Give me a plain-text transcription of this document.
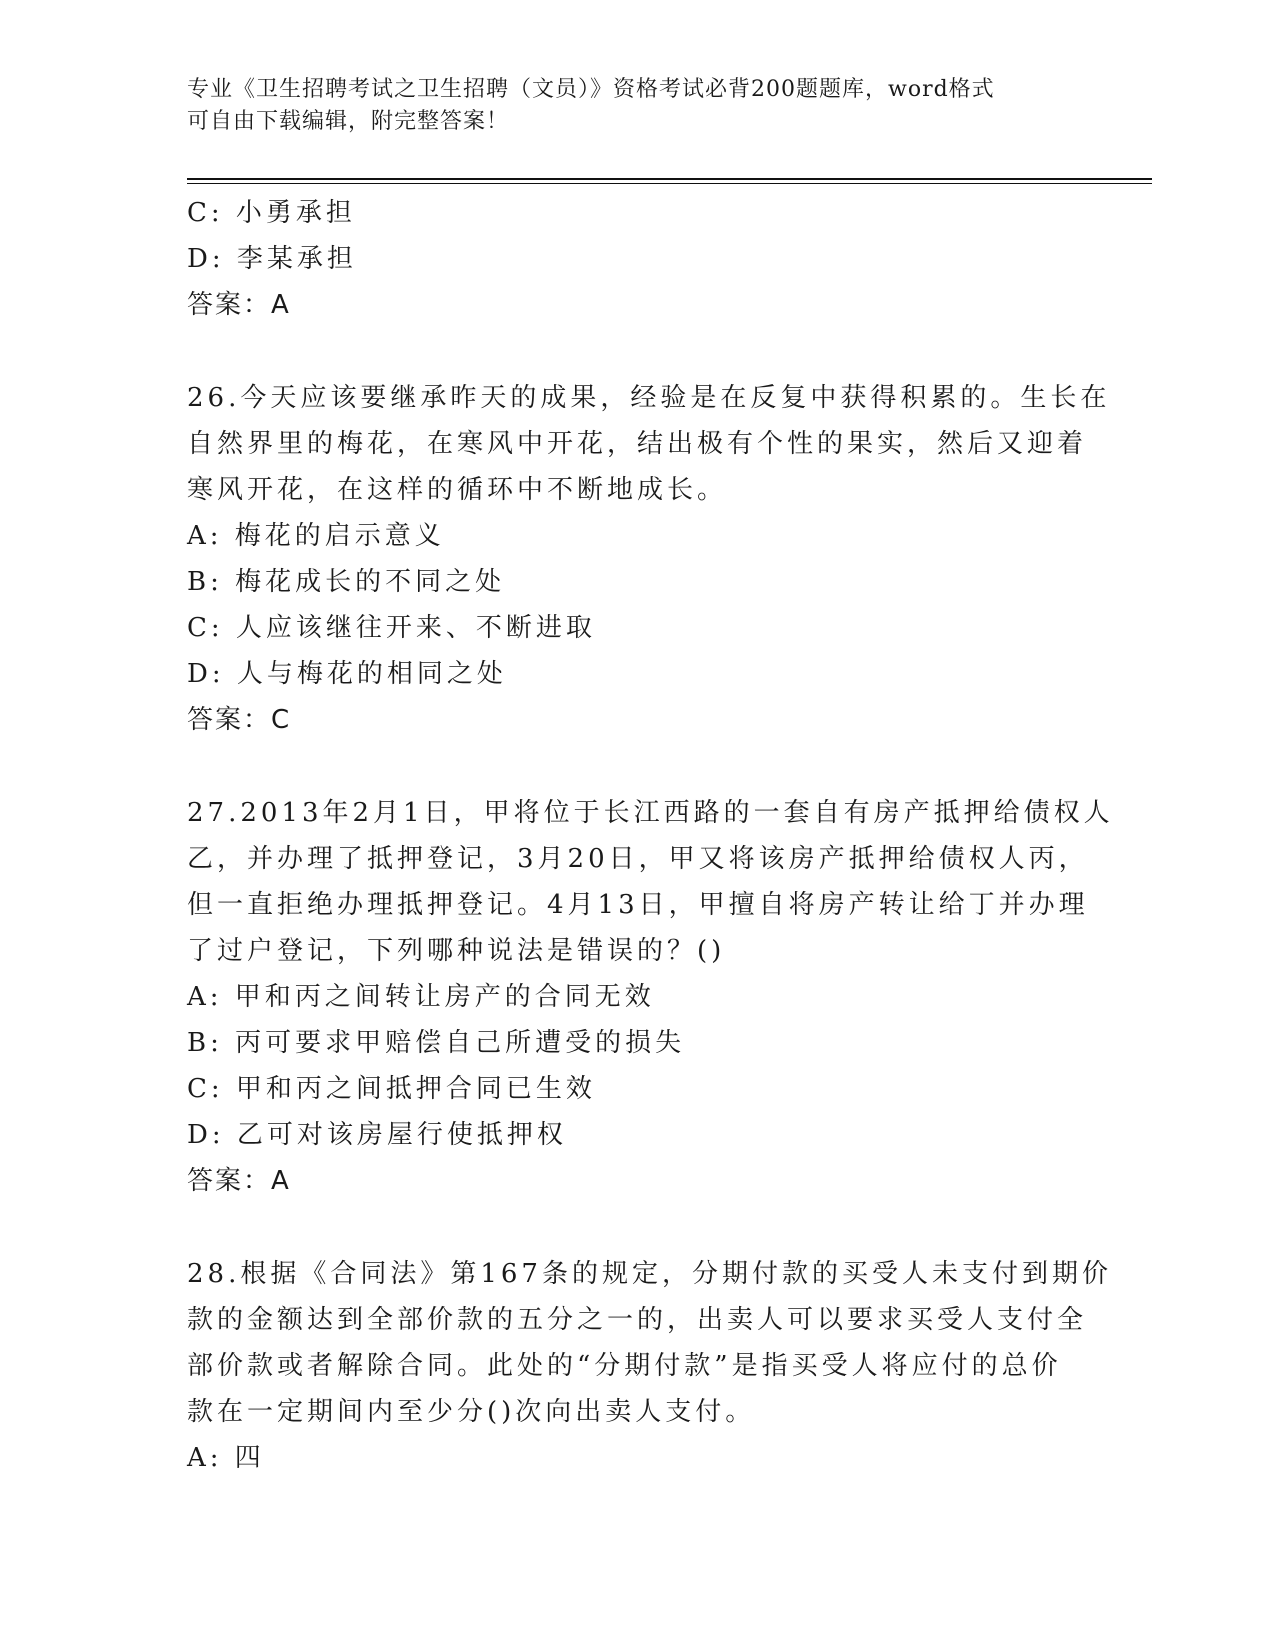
专业《卫生招聘考试之卫生招聘（文员）》资格考试必背200题题库，word格式
可自由下载编辑，附完整答案！
C: 小勇承担
D: 李某承担
答案：A
26.今天应该要继承昨天的成果，经验是在反复中获得积累的。生长在
自然界里的梅花，在寒风中开花，结出极有个性的果实，然后又迎着
寒风开花，在这样的循环中不断地成长。
A: 梅花的启示意义
B: 梅花成长的不同之处
C: 人应该继往开来、不断进取
D: 人与梅花的相同之处
答案：C
27.2013年2月1日，甲将位于长江西路的一套自有房产抵押给债权人
乙，并办理了抵押登记，3月20日，甲又将该房产抵押给债权人丙，
但一直拒绝办理抵押登记。4月13日，甲擅自将房产转让给丁并办理
了过户登记，下列哪种说法是错误的？()
A: 甲和丙之间转让房产的合同无效
B: 丙可要求甲赔偿自己所遭受的损失
C: 甲和丙之间抵押合同已生效
D: 乙可对该房屋行使抵押权
答案：A
28.根据《合同法》第167条的规定，分期付款的买受人未支付到期价
款的金额达到全部价款的五分之一的，出卖人可以要求买受人支付全
部价款或者解除合同。此处的“分期付款”是指买受人将应付的总价
款在一定期间内至少分()次向出卖人支付。
A: 四
